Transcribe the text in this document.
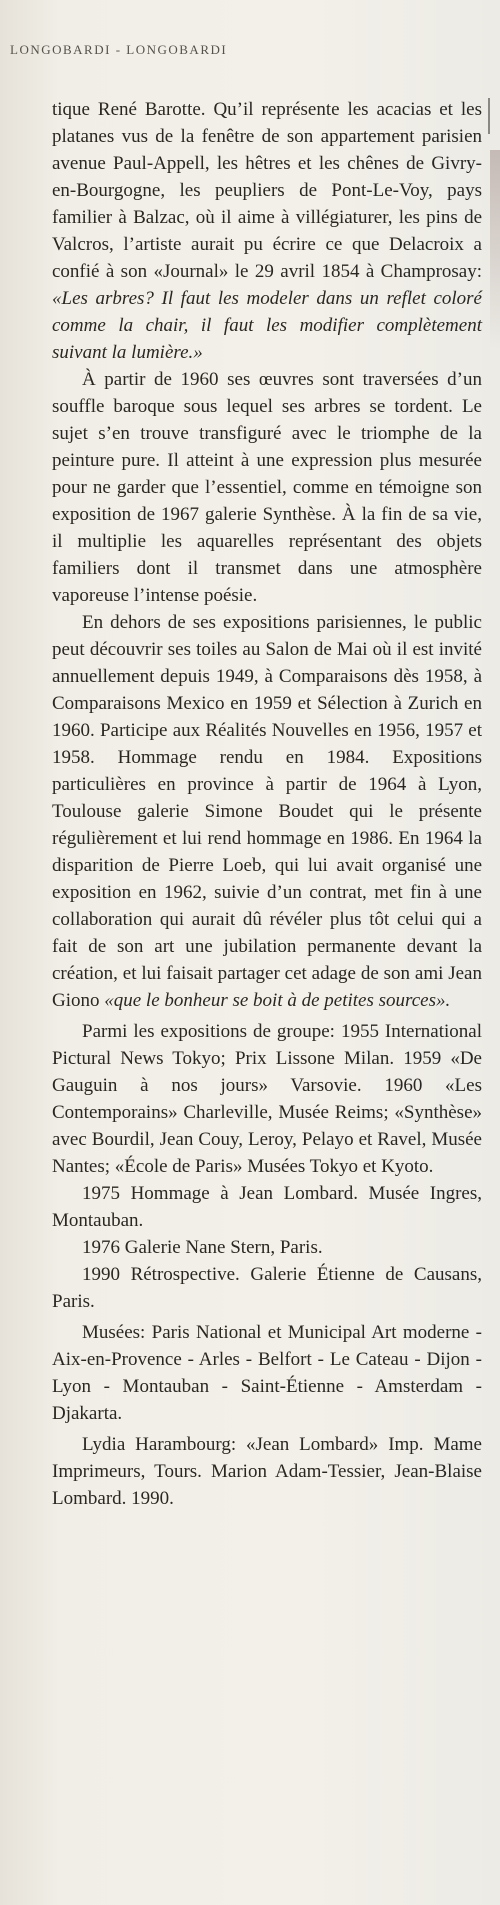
LONGOBARDI - LONGOBARDI

tique René Barotte. Qu’il représente les acacias et les platanes vus de la fenêtre de son appartement parisien avenue Paul-Appell, les hêtres et les chênes de Givry-en-Bourgogne, les peupliers de Pont-Le-Voy, pays familier à Balzac, où il aime à villégiaturer, les pins de Valcros, l’artiste aurait pu écrire ce que Delacroix a confié à son «Journal» le 29 avril 1854 à Champrosay: «Les arbres? Il faut les modeler dans un reflet coloré comme la chair, il faut les modifier complètement suivant la lumière.»

À partir de 1960 ses œuvres sont traversées d’un souffle baroque sous lequel ses arbres se tordent. Le sujet s’en trouve transfiguré avec le triomphe de la peinture pure. Il atteint à une expression plus mesurée pour ne garder que l’essentiel, comme en témoigne son exposition de 1967 galerie Synthèse. À la fin de sa vie, il multiplie les aquarelles représentant des objets familiers dont il transmet dans une atmosphère vaporeuse l’intense poésie.

En dehors de ses expositions parisiennes, le public peut découvrir ses toiles au Salon de Mai où il est invité annuellement depuis 1949, à Comparaisons dès 1958, à Comparaisons Mexico en 1959 et Sélection à Zurich en 1960. Participe aux Réalités Nouvelles en 1956, 1957 et 1958. Hommage rendu en 1984. Expositions particulières en province à partir de 1964 à Lyon, Toulouse galerie Simone Boudet qui le présente régulièrement et lui rend hommage en 1986. En 1964 la disparition de Pierre Loeb, qui lui avait organisé une exposition en 1962, suivie d’un contrat, met fin à une collaboration qui aurait dû révéler plus tôt celui qui a fait de son art une jubilation permanente devant la création, et lui faisait partager cet adage de son ami Jean Giono «que le bonheur se boit à de petites sources».

Parmi les expositions de groupe: 1955 International Pictural News Tokyo; Prix Lissone Milan. 1959 «De Gauguin à nos jours» Varsovie. 1960 «Les Contemporains» Charleville, Musée Reims; «Synthèse» avec Bourdil, Jean Couy, Leroy, Pelayo et Ravel, Musée Nantes; «École de Paris» Musées Tokyo et Kyoto.

1975 Hommage à Jean Lombard. Musée Ingres, Montauban.

1976 Galerie Nane Stern, Paris.

1990 Rétrospective. Galerie Étienne de Causans, Paris.

Musées: Paris National et Municipal Art moderne - Aix-en-Provence - Arles - Belfort - Le Cateau - Dijon - Lyon - Montauban - Saint-Étienne - Amsterdam - Djakarta.

Lydia Harambourg: «Jean Lombard» Imp. Mame Imprimeurs, Tours. Marion Adam-Tessier, Jean-Blaise Lombard. 1990.
